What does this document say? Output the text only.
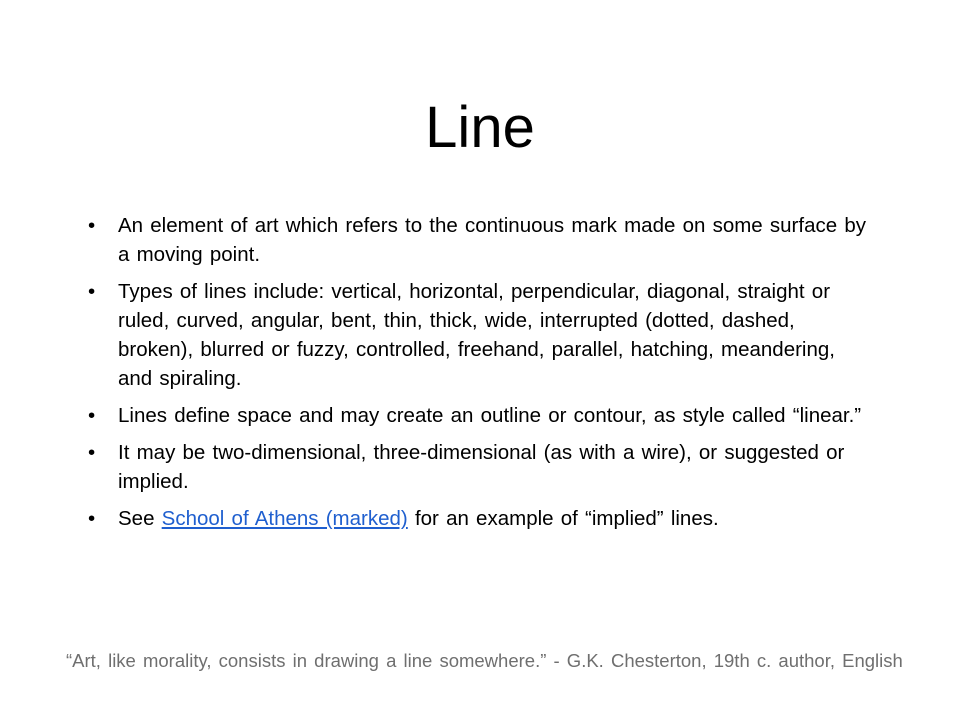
Line
• An element of art which refers to the continuous mark made on some surface by a moving point.
• Types of lines include: vertical, horizontal, perpendicular, diagonal, straight or ruled, curved, angular, bent, thin, thick, wide, interrupted (dotted, dashed, broken), blurred or fuzzy, controlled, freehand, parallel, hatching, meandering, and spiraling.
• Lines define space and may create an outline or contour, as style called “linear.”
• It may be two-dimensional, three-dimensional (as with a wire), or suggested or implied.
• See School of Athens (marked) for an example of “implied” lines.
“Art, like morality, consists in drawing a line somewhere.” - G.K. Chesterton, 19th c. author, English
